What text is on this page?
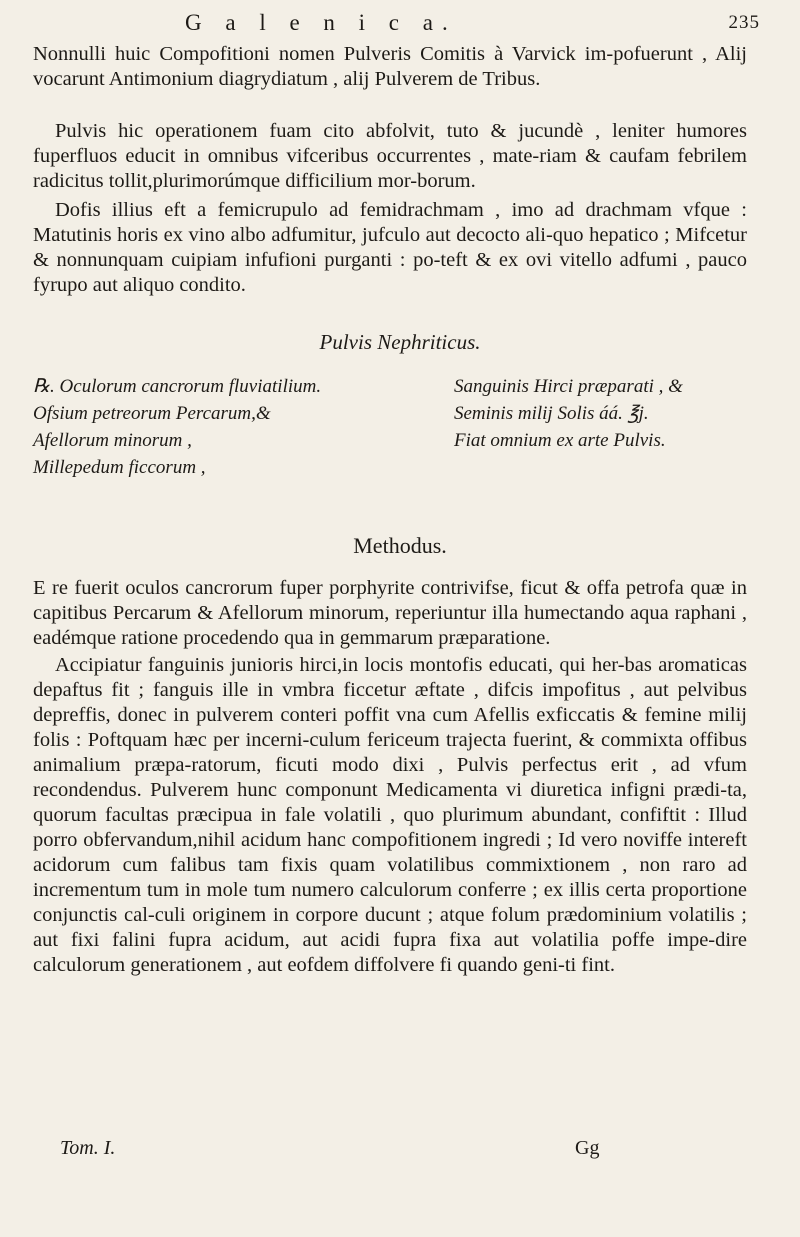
G a l e n i c a.	235

Nonnulli huic Compofitioni nomen Pulveris Comitis à Varvick im-pofuerunt , Alij vocarunt Antimonium diagrydiatum , alij Pulverem de Tribus.

Pulvis hic operationem fuam cito abfolvit, tuto & jucundè , leniter humores fuperfluos educit in omnibus vifceribus occurrentes , mate-riam & caufam febrilem radicitus tollit,plurimorúmque difficilium mor-borum.

Dofis illius eft a femicrupulo ad femidrachmam , imo ad drachmam vfque : Matutinis horis ex vino albo adfumitur, jufculo aut decocto ali-quo hepatico ; Mifcetur & nonnunquam cuipiam infufioni purganti : po-teft & ex ovi vitello adfumi , pauco fyrupo aut aliquo condito.

Pulvis Nephriticus.
℞. Oculorum cancrorum fluviatilium.
Ofsium petreorum Percarum,&
Afellorum minorum ,
Millepedum ficcorum ,
Sanguinis Hirci præparati , &
Seminis milij Solis áá. ℥j.
Fiat omnium ex arte Pulvis.
Methodus.

E re fuerit oculos cancrorum fuper porphyrite contrivifse, ficut & offa petrofa quæ in capitibus Percarum & Afellorum minorum, reperiuntur illa humectando aqua raphani , eadémque ratione procedendo qua in gemmarum præparatione.

Accipiatur fanguinis junioris hirci,in locis montofis educati, qui her-bas aromaticas depaftus fit ; fanguis ille in vmbra ficcetur æftate , difcis impofitus , aut pelvibus depreffis, donec in pulverem conteri poffit vna cum Afellis exficcatis & femine milij folis : Poftquam hæc per incerni-culum fericeum trajecta fuerint, & commixta offibus animalium præpa-ratorum, ficuti modo dixi , Pulvis perfectus erit , ad vfum recondendus. Pulverem hunc componunt Medicamenta vi diuretica infigni prædi-ta, quorum facultas præcipua in fale volatili , quo plurimum abundant, confiftit : Illud porro obfervandum,nihil acidum hanc compofitionem ingredi ; Id vero noviffe intereft acidorum cum falibus tam fixis quam volatilibus commixtionem , non raro ad incrementum tum in mole tum numero calculorum conferre ; ex illis certa proportione conjunctis cal-culi originem in corpore ducunt ; atque folum prædominium volatilis ; aut fixi falini fupra acidum, aut acidi fupra fixa aut volatilia poffe impe-dire calculorum generationem , aut eofdem diffolvere fi quando geni-ti fint.

Tom. I.	Gg
